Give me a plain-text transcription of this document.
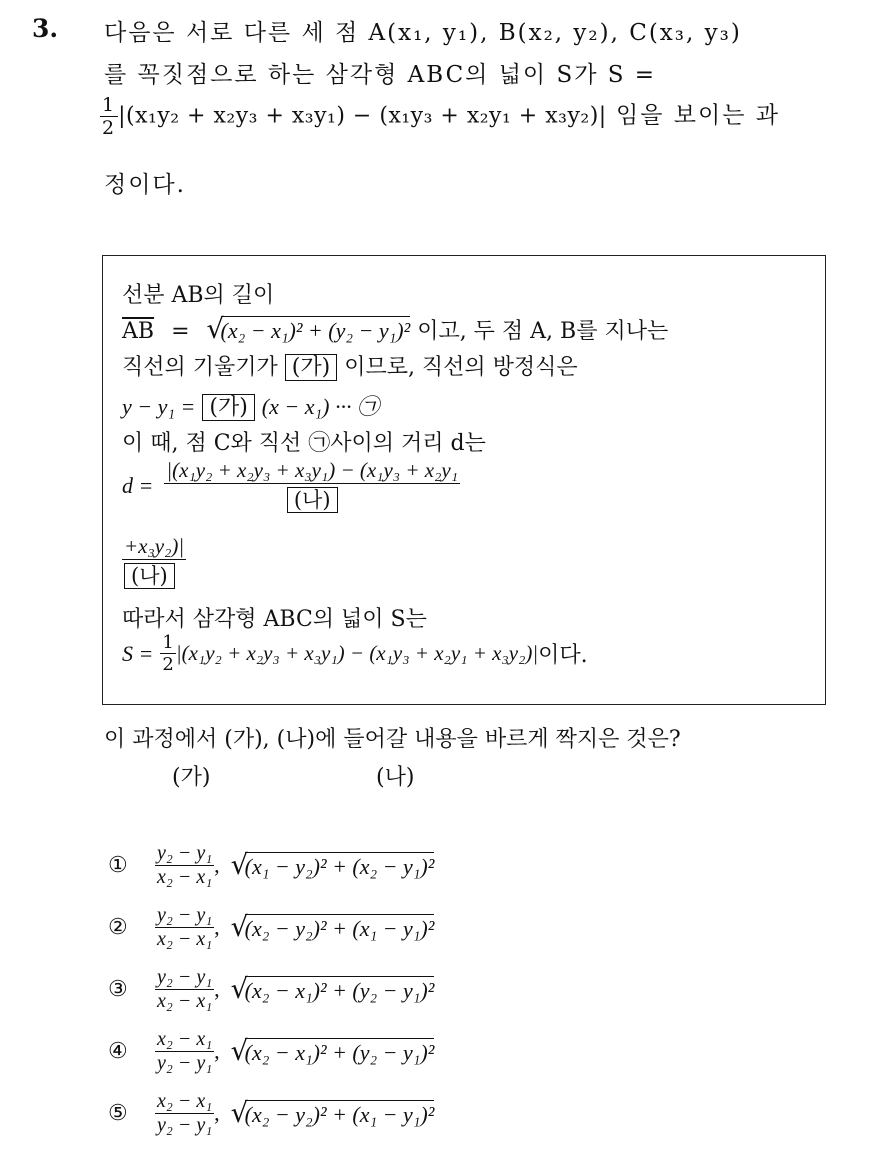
3. 다음은 서로 다른 세 점 A(x₁, y₁), B(x₂, y₂), C(x₃, y₃)
를 꼭짓점으로 하는 삼각형 ABC의 넓이 S가 S =
$\frac{1}{2} |(x_1y_2 + x_2y_3 + x_3y_1) - (x_1y_3 + x_2y_1 + x_3y_2)|$ 임을 보이는 과
정이다.
선분 AB의 길이
$\overline{AB}$ = √ (x₂ − x₁)² + (y₂ − y₁)² 이고, 두 점 A, B를 지나는
직선의 기울기가 (가) 이므로, 직선의 방정식은
y − y₁ = (가) (x − x₁) ··· ㉠
이 때, 점 C와 직선 ㉠사이의 거리 d는
$d = \frac{\text{|(x₁y₂ + x₂y₃ + x₃y₁) − (x₁y₃ + x₂y₁}}{\text{(나)}}$
$\frac{\text{+x₃y₂)|}}{\text{(나)}}$
따라서 삼각형 ABC의 넓이 S는
$S = \frac{1}{2} |(x_1y_2 + x_2y_3 + x_3y_1) - (x_1y_3 + x_2y_1 + x_3y_2)|$이다.
이 과정에서 (가), (나)에 들어갈 내용을 바르게 짝지은 것은?
(가)	(나)
① $\frac{\text{y₂ − y₁}}{\text{x₂ − x₁}}$ ,  √ (x₁ − y₂)² + (x₂ − y₁)²
② $\frac{\text{y₂ − y₁}}{\text{x₂ − x₁}}$ ,  √ (x₂ − y₂)² + (x₁ − y₁)²
③ $\frac{\text{y₂ − y₁}}{\text{x₂ − x₁}}$ ,  √ (x₂ − x₁)² + (y₂ − y₁)²
④ $\frac{\text{x₂ − x₁}}{\text{y₂ − y₁}}$ ,  √ (x₂ − x₁)² + (y₂ − y₁)²
⑤ $\frac{\text{x₂ − x₁}}{\text{y₂ − y₁}}$ ,  √ (x₂ − y₂)² + (x₁ − y₁)²
